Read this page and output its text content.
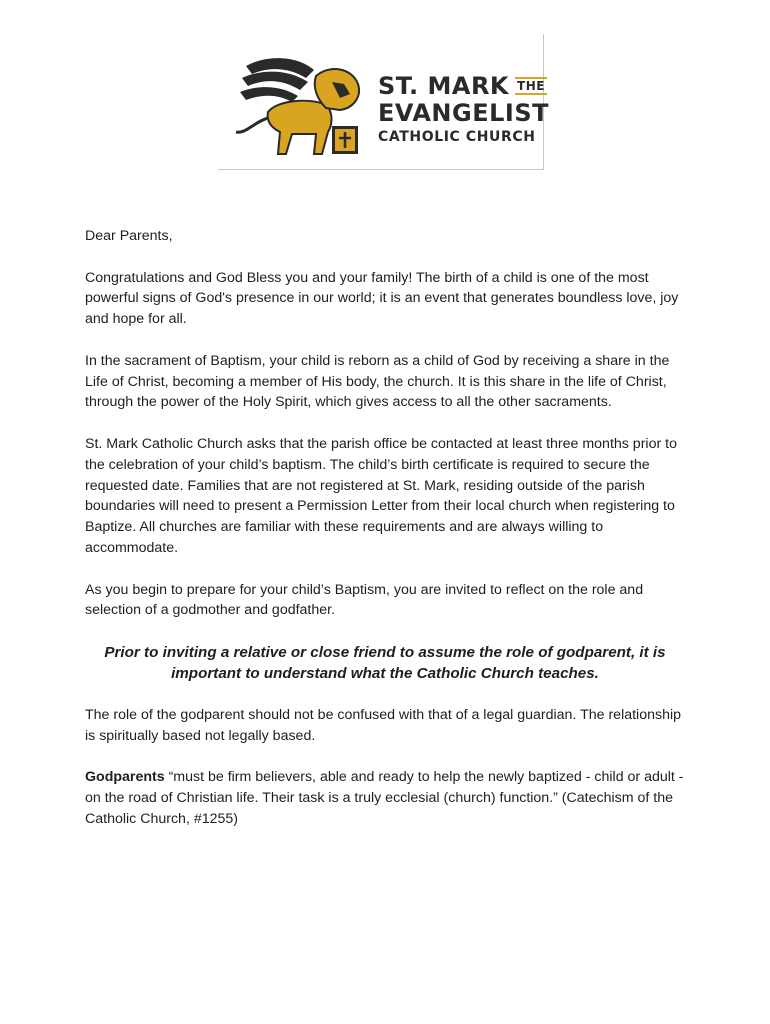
ST. MARK THE
EVANGELIST
CATHOLIC CHURCH

Dear Parents,

Congratulations and God Bless you and your family! The birth of a child is one of the most powerful signs of God's presence in our world; it is an event that generates boundless love, joy and hope for all.

In the sacrament of Baptism, your child is reborn as a child of God by receiving a share in the Life of Christ, becoming a member of His body, the church. It is this share in the life of Christ, through the power of the Holy Spirit, which gives access to all the other sacraments.

St. Mark Catholic Church asks that the parish office be contacted at least three months prior to the celebration of your child’s baptism. The child’s birth certificate is required to secure the requested date. Families that are not registered at St. Mark, residing outside of the parish boundaries will need to present a Permission Letter from their local church when registering to Baptize. All churches are familiar with these requirements and are always willing to accommodate.

As you begin to prepare for your child’s Baptism, you are invited to reflect on the role and selection of a godmother and godfather.

Prior to inviting a relative or close friend to assume the role of godparent, it is important to understand what the Catholic Church teaches.

The role of the godparent should not be confused with that of a legal guardian. The relationship is spiritually based not legally based.

Godparents “must be firm believers, able and ready to help the newly baptized - child or adult - on the road of Christian life. Their task is a truly ecclesial (church) function.” (Catechism of the Catholic Church, #1255)
